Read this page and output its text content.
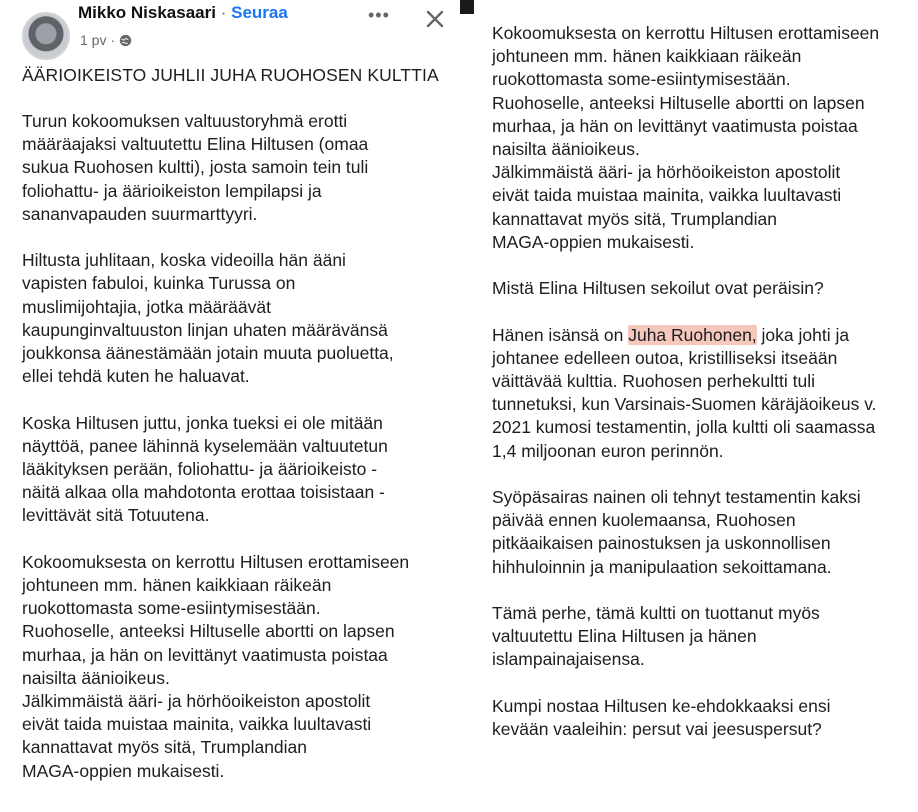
Mikko Niskasaari · Seuraa
1 pv ·
•••
ÄÄRIOIKEISTO JUHLII JUHA RUOHOSEN KULTTIA

Turun kokoomuksen valtuustoryhmä erotti
määräajaksi valtuutettu Elina Hiltusen (omaa
sukua Ruohosen kultti), josta samoin tein tuli
foliohattu- ja äärioikeiston lempilapsi ja
sananvapauden suurmarttyyri.

Hiltusta juhlitaan, koska videoilla hän ääni
vapisten fabuloi, kuinka Turussa on
muslimijohtajia, jotka määräävät
kaupunginvaltuuston linjan uhaten määrävänsä
joukkonsa äänestämään jotain muuta puoluetta,
ellei tehdä kuten he haluavat.

Koska Hiltusen juttu, jonka tueksi ei ole mitään
näyttöä, panee lähinnä kyselemään valtuutetun
lääkityksen perään, foliohattu- ja äärioikeisto -
näitä alkaa olla mahdotonta erottaa toisistaan -
levittävät sitä Totuutena.

Kokoomuksesta on kerrottu Hiltusen erottamiseen
johtuneen mm. hänen kaikkiaan räikeän
ruokottomasta some-esiintymisestään.
Ruohoselle, anteeksi Hiltuselle abortti on lapsen
murhaa, ja hän on levittänyt vaatimusta poistaa
naisilta äänioikeus.
Jälkimmäistä ääri- ja hörhöoikeiston apostolit
eivät taida muistaa mainita, vaikka luultavasti
kannattavat myös sitä, Trumplandian
MAGA-oppien mukaisesti.

Kokoomuksesta on kerrottu Hiltusen erottamiseen
johtuneen mm. hänen kaikkiaan räikeän
ruokottomasta some-esiintymisestään.
Ruohoselle, anteeksi Hiltuselle abortti on lapsen
murhaa, ja hän on levittänyt vaatimusta poistaa
naisilta äänioikeus.
Jälkimmäistä ääri- ja hörhöoikeiston apostolit
eivät taida muistaa mainita, vaikka luultavasti
kannattavat myös sitä, Trumplandian
MAGA-oppien mukaisesti.

Mistä Elina Hiltusen sekoilut ovat peräisin?

Hänen isänsä on Juha Ruohonen, joka johti ja
johtanee edelleen outoa, kristilliseksi itseään
väittävää kulttia. Ruohosen perhekultti tuli
tunnetuksi, kun Varsinais-Suomen käräjäoikeus v.
2021 kumosi testamentin, jolla kultti oli saamassa
1,4 miljoonan euron perinnön.

Syöpäsairas nainen oli tehnyt testamentin kaksi
päivää ennen kuolemaansa, Ruohosen
pitkäaikaisen painostuksen ja uskonnollisen
hihhuloinnin ja manipulaation sekoittamana.

Tämä perhe, tämä kultti on tuottanut myös
valtuutettu Elina Hiltusen ja hänen
islampainajaisensa.

Kumpi nostaa Hiltusen ke-ehdokkaaksi ensi
kevään vaaleihin: persut vai jeesuspersut?
